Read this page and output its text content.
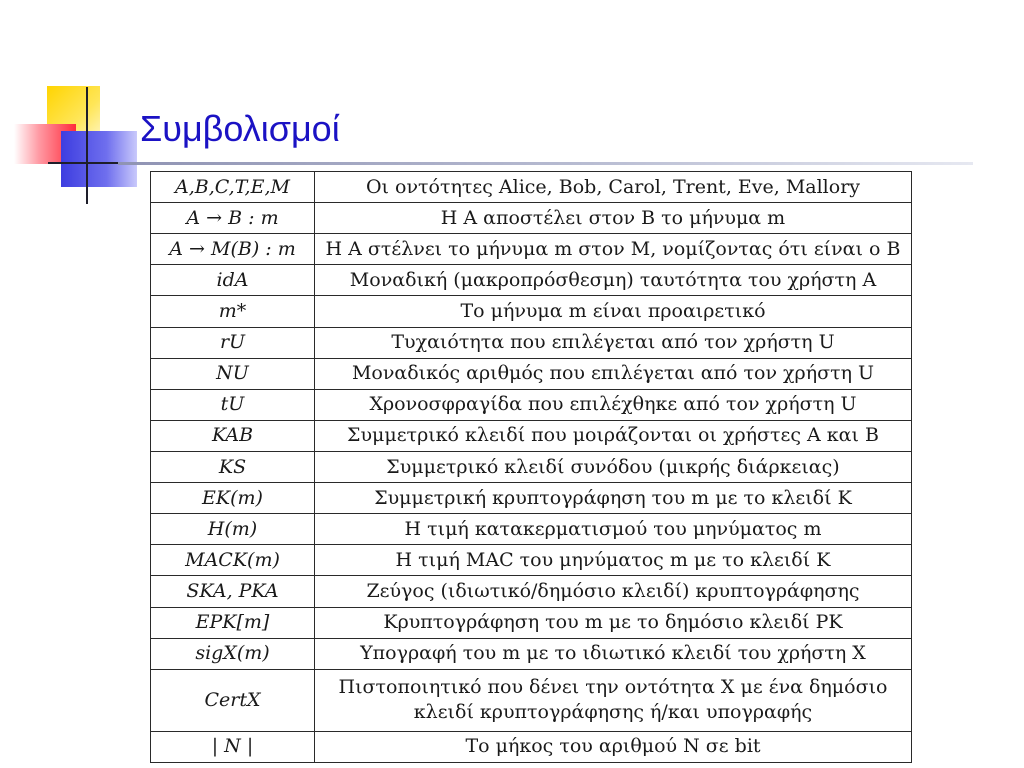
Συμβολισμοί
A,B,C,T,E,M	Οι οντότητες Alice, Bob, Carol, Trent, Eve, Mallory
A → B : m	Η A αποστέλει στον B το μήνυμα m
A → M(B) : m	Η A στέλνει το μήνυμα m στον M, νομίζοντας ότι είναι ο B
idA	Μοναδική (μακροπρόσθεσμη) ταυτότητα του χρήστη A
m*	Το μήνυμα m είναι προαιρετικό
rU	Τυχαιότητα που επιλέγεται από τον χρήστη U
NU	Μοναδικός αριθμός που επιλέγεται από τον χρήστη U
tU	Χρονοσφραγίδα που επιλέχθηκε από τον χρήστη U
KAB	Συμμετρικό κλειδί που μοιράζονται οι χρήστες A και B
KS	Συμμετρικό κλειδί συνόδου (μικρής διάρκειας)
EK(m)	Συμμετρική κρυπτογράφηση του m με το κλειδί K
H(m)	Η τιμή κατακερματισμού του μηνύματος m
MACK(m)	Η τιμή MAC του μηνύματος m με το κλειδί K
SKA, PKA	Ζεύγος (ιδιωτικό/δημόσιο κλειδί) κρυπτογράφησης
EPK[m]	Κρυπτογράφηση του m με το δημόσιο κλειδί PK
sigX(m)	Υπογραφή του m με το ιδιωτικό κλειδί του χρήστη X
CertX	Πιστοποιητικό που δένει την οντότητα X με ένα δημόσιο κλειδί κρυπτογράφησης ή/και υπογραφής
| N |	Το μήκος του αριθμού N σε bit
